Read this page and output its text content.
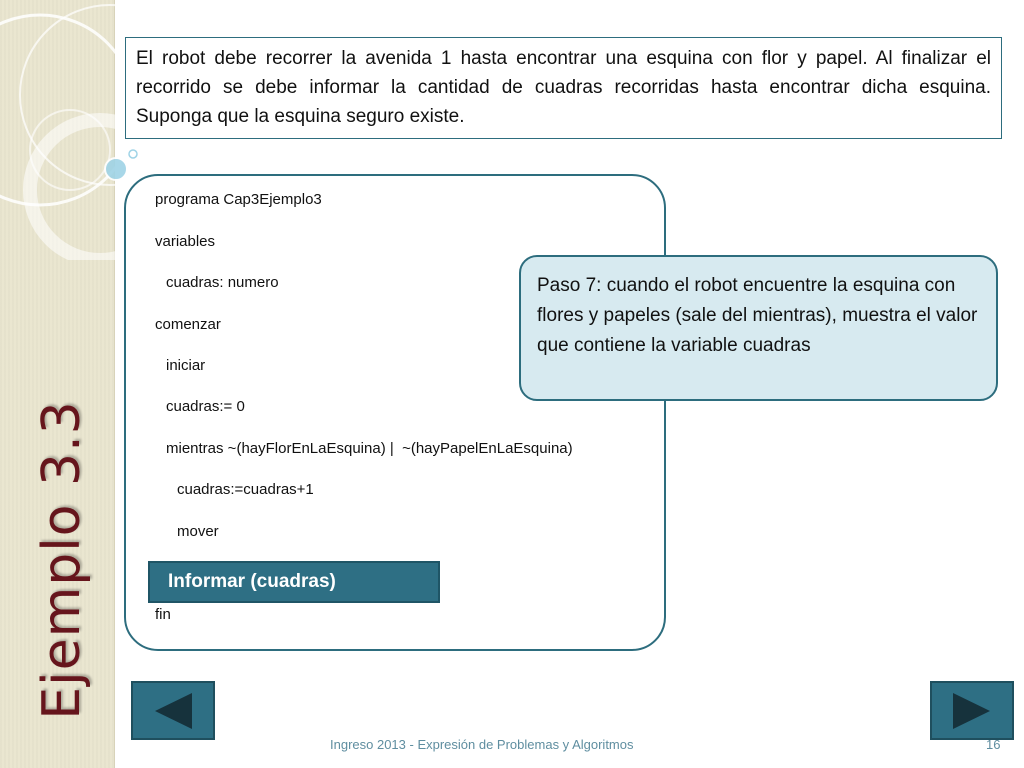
Ejemplo 3.3
El robot debe recorrer la avenida 1 hasta encontrar una esquina con flor y papel. Al finalizar el recorrido se debe informar la cantidad de cuadras recorridas hasta encontrar dicha esquina. Suponga que la esquina seguro existe.
programa Cap3Ejemplo3
variables
cuadras: numero
comenzar
iniciar
cuadras:= 0
mientras ~(hayFlorEnLaEsquina) |  ~(hayPapelEnLaEsquina)
cuadras:=cuadras+1
mover
fin
Informar (cuadras)
Paso 7: cuando el robot encuentre la esquina con flores y papeles (sale del mientras), muestra el valor que contiene la variable cuadras
Ingreso 2013 - Expresión de Problemas y Algoritmos	16
